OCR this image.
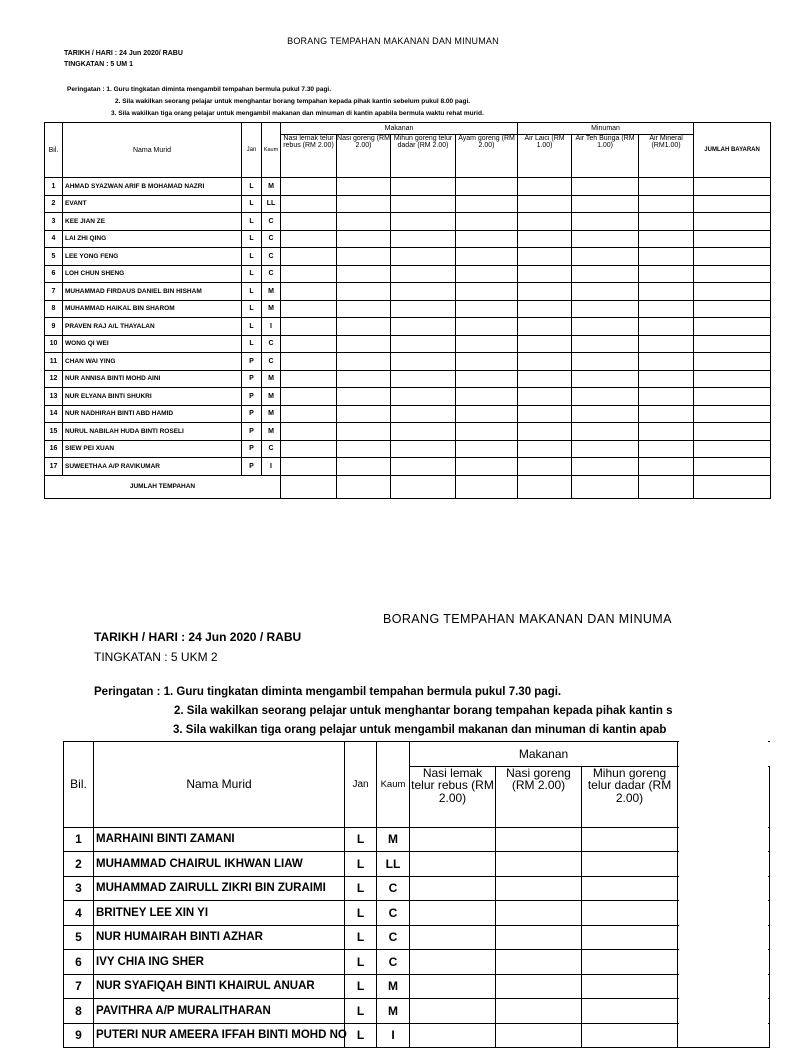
BORANG TEMPAHAN MAKANAN DAN MINUMAN
TARIKH / HARI : 24 Jun 2020/ RABU
TINGKATAN : 5 UM 1
Peringatan : 1. Guru tingkatan diminta mengambil tempahan bermula pukul 7.30 pagi.
2. Sila wakilkan seorang pelajar untuk menghantar borang tempahan kepada pihak kantin sebelum pukul 8.00 pagi.
3. Sila wakilkan tiga orang pelajar untuk mengambil makanan dan minuman di kantin apabila bermula waktu rehat murid.
Bil.	Nama Murid	Jan	Kaum	Makanan				Minuman			JUMLAH BAYARAN
				Nasi lemak telur rebus (RM 2.00)	Nasi goreng (RM 2.00)	Mihun goreng telur dadar (RM 2.00)	Ayam goreng (RM 2.00)	Air Laici (RM 1.00)	Air Teh Bunga (RM 1.00)	Air Mineral (RM1.00)	
1	AHMAD SYAZWAN ARIF B MOHAMAD NAZRI	L	M								
2	EVANT	L	LL								
3	KEE JIAN ZE	L	C								
4	LAI ZHI QING	L	C								
5	LEE YONG FENG	L	C								
6	LOH CHUN SHENG	L	C								
7	MUHAMMAD FIRDAUS DANIEL BIN HISHAM	L	M								
8	MUHAMMAD HAIKAL BIN SHAROM	L	M								
9	PRAVEN RAJ A/L THAYALAN	L	I								
10	WONG QI WEI	L	C								
11	CHAN WAI YING	P	C								
12	NUR ANNISA BINTI MOHD AINI	P	M								
13	NUR ELYANA BINTI SHUKRI	P	M								
14	NUR NADHIRAH BINTI ABD HAMID	P	M								
15	NURUL NABILAH HUDA BINTI ROSELI	P	M								
16	SIEW PEI XUAN	P	C								
17	SUWEETHAA A/P RAVIKUMAR	P	I								
JUMLAH TEMPAHAN											
BORANG TEMPAHAN MAKANAN DAN MINUMA
TARIKH / HARI : 24 Jun 2020 / RABU
TINGKATAN : 5 UKM 2
Peringatan : 1. Guru tingkatan diminta mengambil tempahan bermula pukul 7.30 pagi.
2. Sila wakilkan seorang pelajar untuk menghantar borang tempahan kepada pihak kantin s
3. Sila wakilkan tiga orang pelajar untuk mengambil makanan dan minuman di kantin apab
Bil.	Nama Murid	Jan	Kaum	Makanan			
				Nasi lemak telur rebus (RM 2.00)	Nasi goreng (RM 2.00)	Mihun goreng telur dadar (RM 2.00)	
1	MARHAINI BINTI ZAMANI	L	M				
2	MUHAMMAD CHAIRUL IKHWAN LIAW	L	LL				
3	MUHAMMAD ZAIRULL ZIKRI BIN ZURAIMI	L	C				
4	BRITNEY LEE XIN YI	L	C				
5	NUR HUMAIRAH BINTI AZHAR	L	C				
6	IVY CHIA ING SHER	L	C				
7	NUR SYAFIQAH BINTI KHAIRUL ANUAR	L	M				
8	PAVITHRA A/P MURALITHARAN	L	M				
9	PUTERI NUR AMEERA IFFAH BINTI MOHD NO	L	I				
